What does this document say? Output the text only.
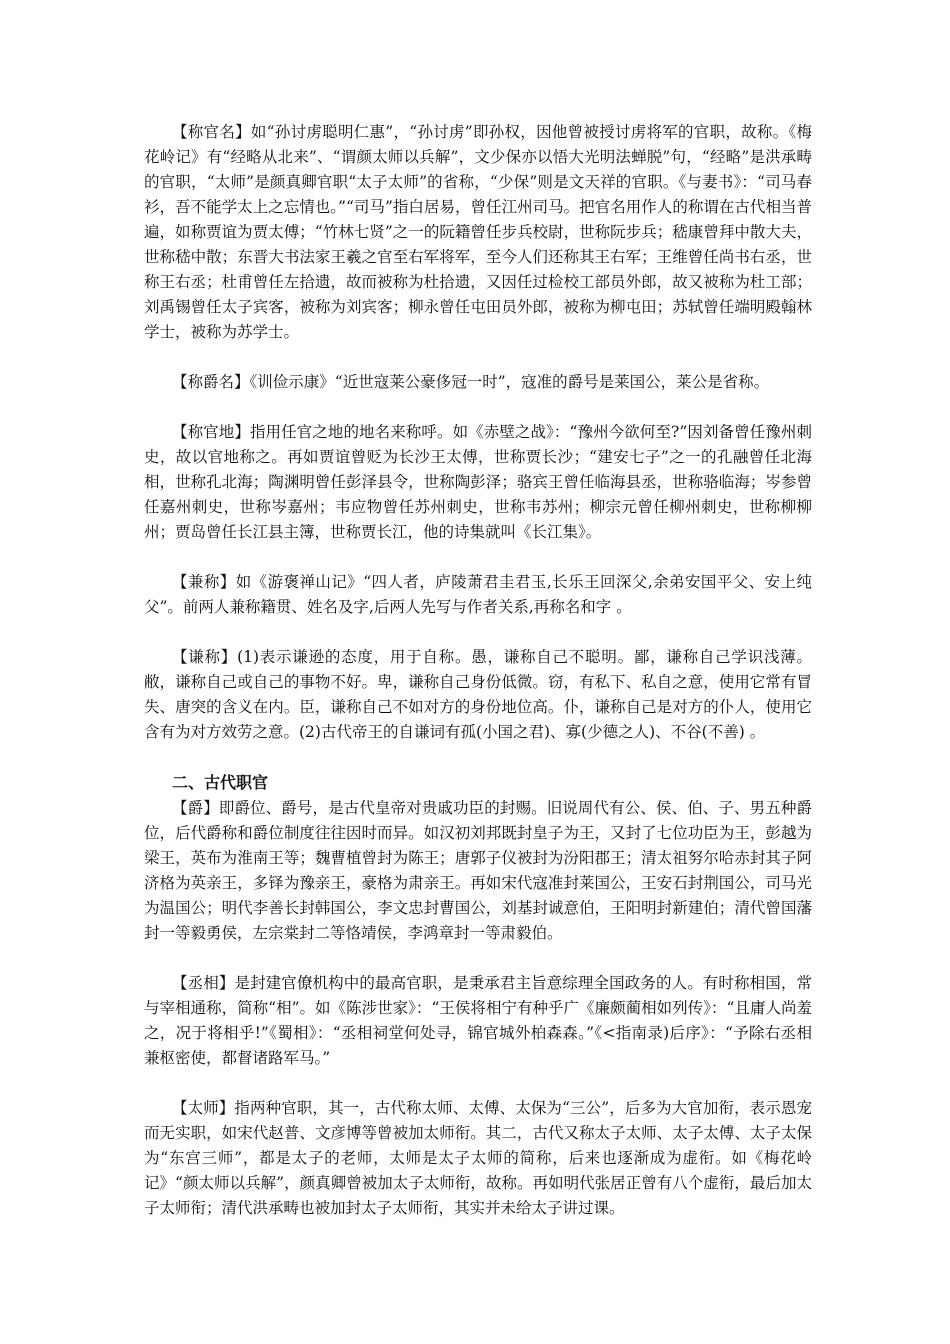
【称官名】如“孙讨虏聪明仁惠”，“孙讨虏”即孙权，因他曾被授讨虏将军的官职，故称。《梅花岭记》有“经略从北来”、“谓颜太师以兵解”，文少保亦以悟大光明法蝉脱”句，“经略”是洪承畴的官职，“太师”是颜真卿官职“太子太师”的省称，“少保”则是文天祥的官职。《与妻书》：“司马春衫，吾不能学太上之忘情也。”“司马”指白居易，曾任江州司马。把官名用作人的称谓在古代相当普遍，如称贾谊为贾太傅；“竹林七贤”之一的阮籍曾任步兵校尉，世称阮步兵；嵇康曾拜中散大夫，世称嵇中散；东晋大书法家王羲之官至右军将军，至今人们还称其王右军；王维曾任尚书右丞，世称王右丞；杜甫曾任左拾遗，故而被称为杜拾遗，又因任过检校工部员外郎，故又被称为杜工部；刘禹锡曾任太子宾客，被称为刘宾客；柳永曾任屯田员外郎，被称为柳屯田；苏轼曾任端明殿翰林学士，被称为苏学士。

【称爵名】《训俭示康》“近世寇莱公豪侈冠一时”，寇准的爵号是莱国公，莱公是省称。

【称官地】指用任官之地的地名来称呼。如《赤壁之战》：“豫州今欲何至?”因刘备曾任豫州刺史，故以官地称之。再如贾谊曾贬为长沙王太傅，世称贾长沙；“建安七子”之一的孔融曾任北海相，世称孔北海；陶渊明曾任彭泽县令，世称陶彭泽；骆宾王曾任临海县丞，世称骆临海；岑参曾任嘉州刺史，世称岑嘉州；韦应物曾任苏州刺史，世称韦苏州；柳宗元曾任柳州刺史，世称柳柳州；贾岛曾任长江县主簿，世称贾长江，他的诗集就叫《长江集》。

【兼称】如《游褒禅山记》“四人者，庐陵萧君圭君玉,长乐王回深父,余弟安国平父、安上纯父”。前两人兼称籍贯、姓名及字,后两人先写与作者关系,再称名和字 。

【谦称】(1)表示谦逊的态度，用于自称。愚，谦称自己不聪明。鄙，谦称自己学识浅薄。敝，谦称自己或自己的事物不好。卑，谦称自己身份低微。窃，有私下、私自之意，使用它常有冒失、唐突的含义在内。臣，谦称自己不如对方的身份地位高。仆，谦称自己是对方的仆人，使用它含有为对方效劳之意。(2)古代帝王的自谦词有孤(小国之君)、寡(少德之人)、不谷(不善) 。

二、古代职官

【爵】即爵位、爵号，是古代皇帝对贵戚功臣的封赐。旧说周代有公、侯、伯、子、男五种爵位，后代爵称和爵位制度往往因时而异。如汉初刘邦既封皇子为王，又封了七位功臣为王，彭越为梁王，英布为淮南王等；魏曹植曾封为陈王；唐郭子仪被封为汾阳郡王；清太祖努尔哈赤封其子阿济格为英亲王，多铎为豫亲王，豪格为肃亲王。再如宋代寇准封莱国公，王安石封荆国公，司马光为温国公；明代李善长封韩国公，李文忠封曹国公，刘基封诚意伯，王阳明封新建伯；清代曾国藩封一等毅勇侯，左宗棠封二等恪靖侯，李鸿章封一等肃毅伯。

【丞相】是封建官僚机构中的最高官职，是秉承君主旨意综理全国政务的人。有时称相国，常与宰相通称，简称“相”。如《陈涉世家》：“王侯将相宁有种乎广《廉颇蔺相如列传》：“且庸人尚羞之，况于将相乎!”《蜀相》：“丞相祠堂何处寻，锦官城外柏森森。”《<指南录)后序》：“予除右丞相兼枢密使，都督诸路军马。”

【太师】指两种官职，其一，古代称太师、太傅、太保为“三公”，后多为大官加衔，表示恩宠而无实职，如宋代赵普、文彦博等曾被加太师衔。其二，古代又称太子太师、太子太傅、太子太保为“东宫三师”，都是太子的老师，太师是太子太师的简称，后来也逐渐成为虚衔。如《梅花岭记》“颜太师以兵解”，颜真卿曾被加太子太师衔，故称。再如明代张居正曾有八个虚衔，最后加太子太师衔；清代洪承畴也被加封太子太师衔，其实并未给太子讲过课。
